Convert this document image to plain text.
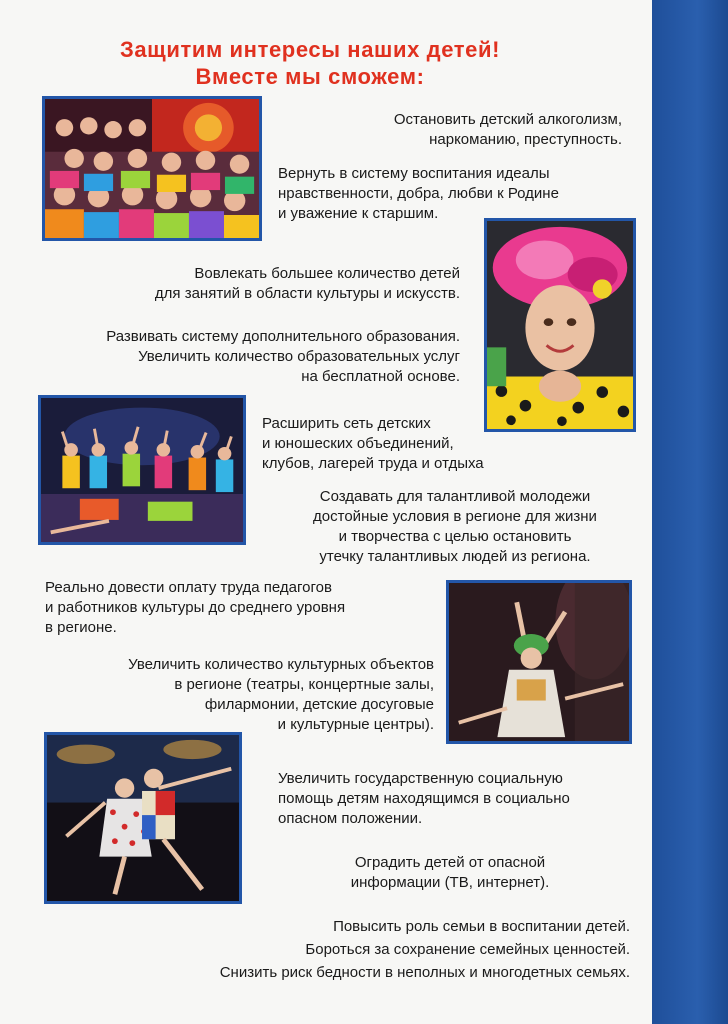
Защитим интересы наших детей!
Вместе мы сможем:
Остановить детский алкоголизм,
наркоманию, преступность.
Вернуть в систему воспитания идеалы
нравственности, добра, любви к Родине
и уважение к старшим.
Вовлекать большее количество детей
для занятий в области культуры и искусств.
Развивать систему дополнительного образования.
Увеличить количество образовательных услуг
на бесплатной основе.
Расширить сеть детских
и юношеских объединений,
клубов, лагерей труда и отдыха
Создавать для талантливой молодежи
достойные условия в регионе для жизни
и творчества с целью остановить
утечку талантливых людей из региона.
Реально довести оплату труда педагогов
и работников культуры до среднего уровня
в регионе.
Увеличить количество культурных объектов
в регионе (театры, концертные залы,
филармонии, детские досуговые
и культурные центры).
Увеличить государственную социальную
помощь детям находящимся в социально
опасном положении.
Оградить детей от опасной
информации (ТВ, интернет).
Повысить роль семьи в воспитании детей.
Бороться за сохранение семейных ценностей.
Снизить риск бедности в неполных и многодетных семьях.
